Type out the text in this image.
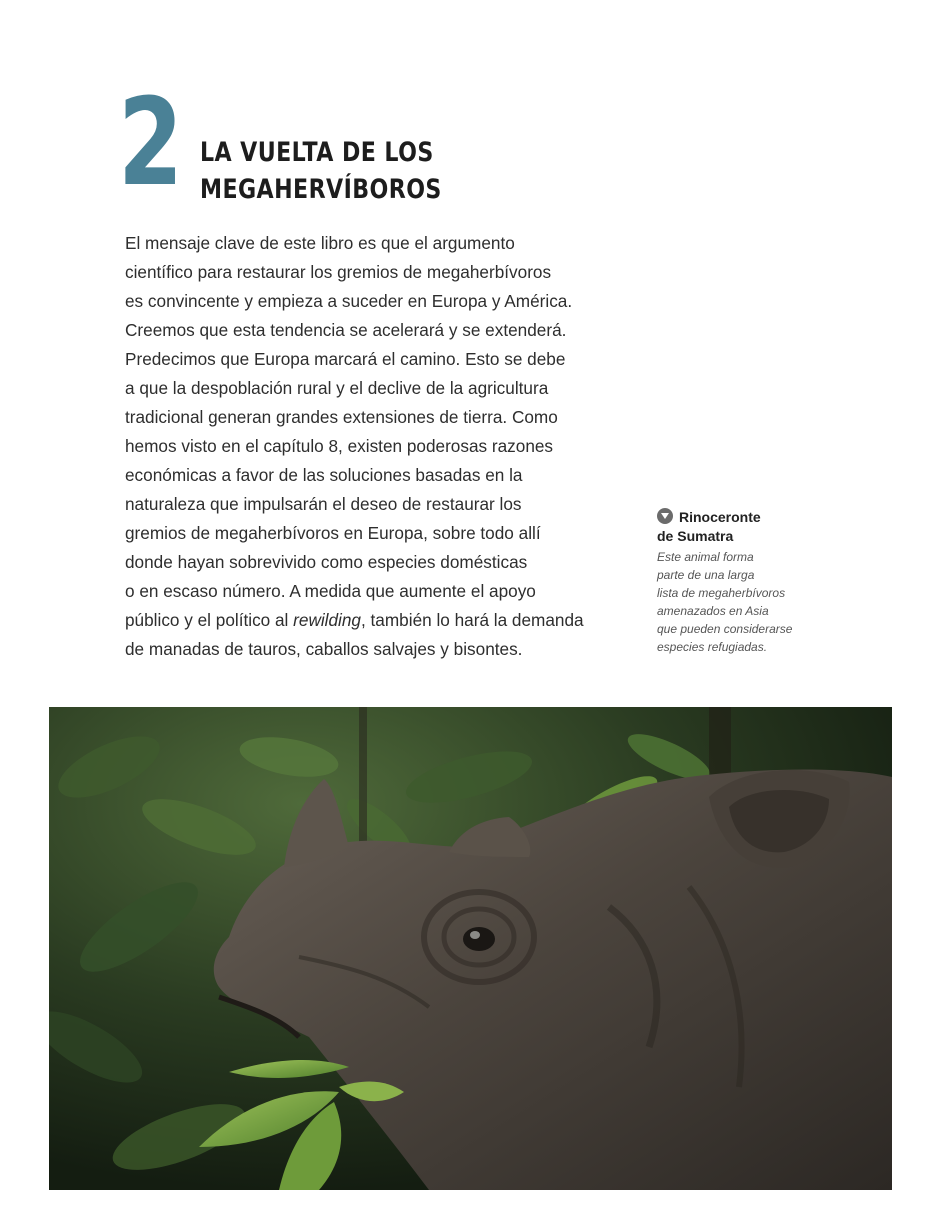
2 LA VUELTA DE LOS
MEGAHERVÍBOROS
El mensaje clave de este libro es que el argumento
científico para restaurar los gremios de megaherbívoros
es convincente y empieza a suceder en Europa y América.
Creemos que esta tendencia se acelerará y se extenderá.
Predecimos que Europa marcará el camino. Esto se debe
a que la despoblación rural y el declive de la agricultura
tradicional generan grandes extensiones de tierra. Como
hemos visto en el capítulo 8, existen poderosas razones
económicas a favor de las soluciones basadas en la
naturaleza que impulsarán el deseo de restaurar los
gremios de megaherbívoros en Europa, sobre todo allí
donde hayan sobrevivido como especies domésticas
o en escaso número. A medida que aumente el apoyo
público y el político al rewilding, también lo hará la demanda
de manadas de tauros, caballos salvajes y bisontes.
Rinoceronte
de Sumatra
Este animal forma
parte de una larga
lista de megaherbívoros
amenazados en Asia
que pueden considerarse
especies refugiadas.
